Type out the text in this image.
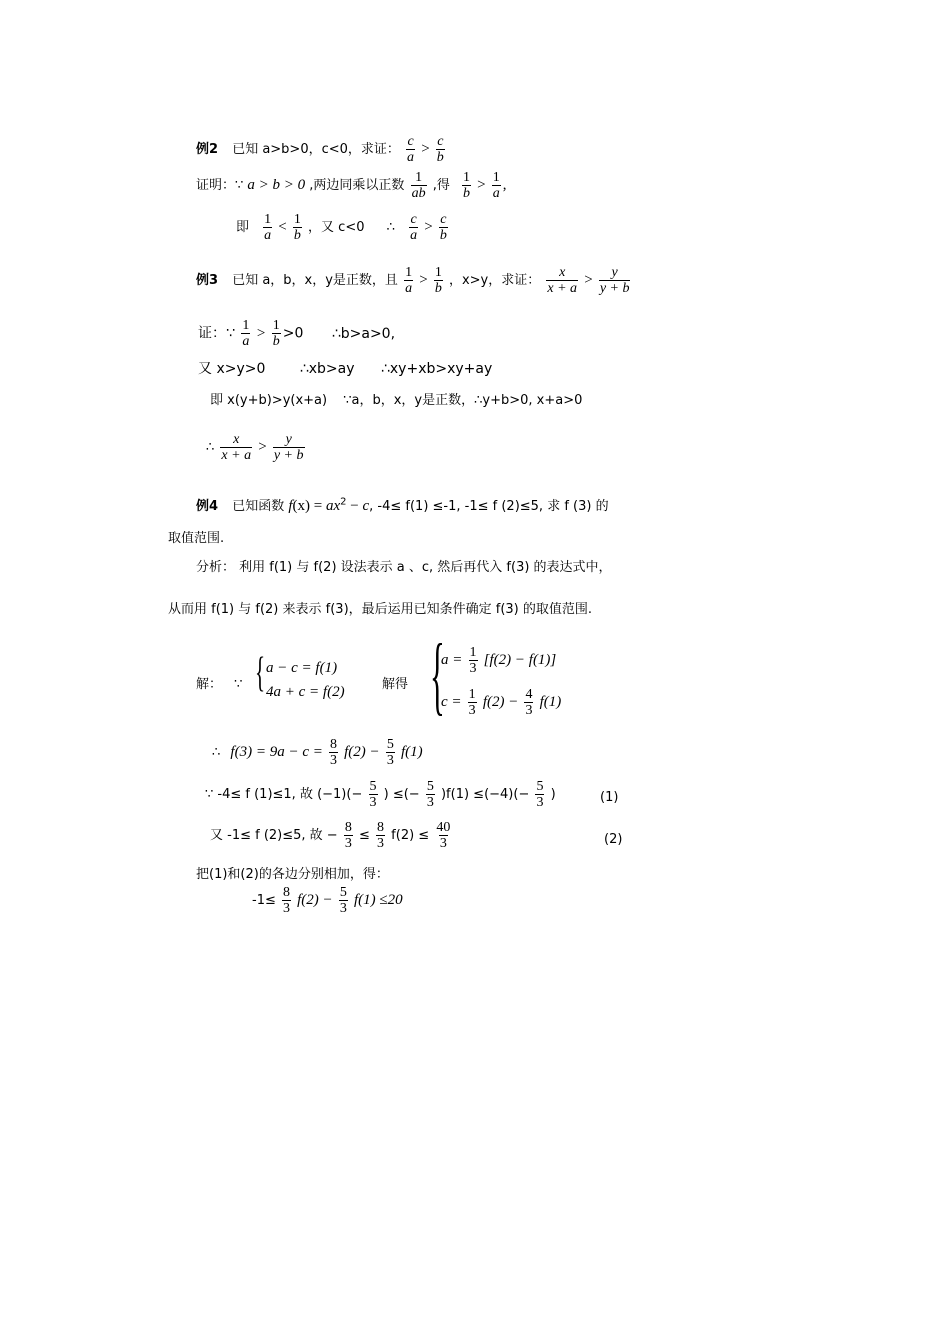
例2 已知 a>b>0，c<0，求证： $\frac{c}{a} > \frac{c}{b}$
证明：∵ a > b > 0 ,两边同乘以正数 $\frac{1}{ab}$ ,得 $\frac{1}{b} > \frac{1}{a}$ ,
即 $\frac{1}{a} < \frac{1}{b}$ ，又 c<0 ∴ $\frac{c}{a} > \frac{c}{b}$
例3 已知 a，b，x，y是正数，且 $\frac{1}{a} > \frac{1}{b}$ ，x>y，求证： $\frac{x}{x + a} > \frac{y}{y + b}$
证：∵ $\frac{1}{a} > \frac{1}{b} >0$ ∴b>a>0,
又 x>y>0 ∴xb>ay ∴xy+xb>xy+ay
即 x(y+b)>y(x+a) ∵a，b，x，y是正数，∴y+b>0, x+a>0
∴ $\frac{x}{x + a} > \frac{y}{y + b}$
例4 已知函数 $f(x) = ax^2 - c$, -4≤ f(1) ≤-1, -1≤ f (2)≤5, 求 f (3) 的
取值范围.
分析： 利用 f(1) 与 f(2) 设法表示 a 、c, 然后再代入 f(3) 的表达式中，
从而用 f(1) 与 f(2) 来表示 f(3)，最后运用已知条件确定 f(3) 的取值范围.
解： ∵ { a − c = f(1)
4a + c = f(2)	解得 {
$a = \frac{1}{3} [f(2) - f(1)]$
$c = \frac{1}{3} f(2) - \frac{4}{3} f(1)$
∴ $f(3) = 9a - c = \frac{8}{3} f(2) - \frac{5}{3} f(1)$
∵ -4≤ f (1)≤1, 故 $(-1)(- \frac{5}{3}$ ) ≤(− $\frac{5}{3} )f(1) \le(-4)(- \frac{5}{3}$ )	(1)
又 -1≤ f (2)≤5, 故 − $\frac{8}{3} \le \frac{8}{3} f(2) \le \frac{40}{3}$	(2)
把(1)和(2)的各边分别相加，得：
$-1\le \frac{8}{3} f(2) - \frac{5}{3} f(1) \le 20$
